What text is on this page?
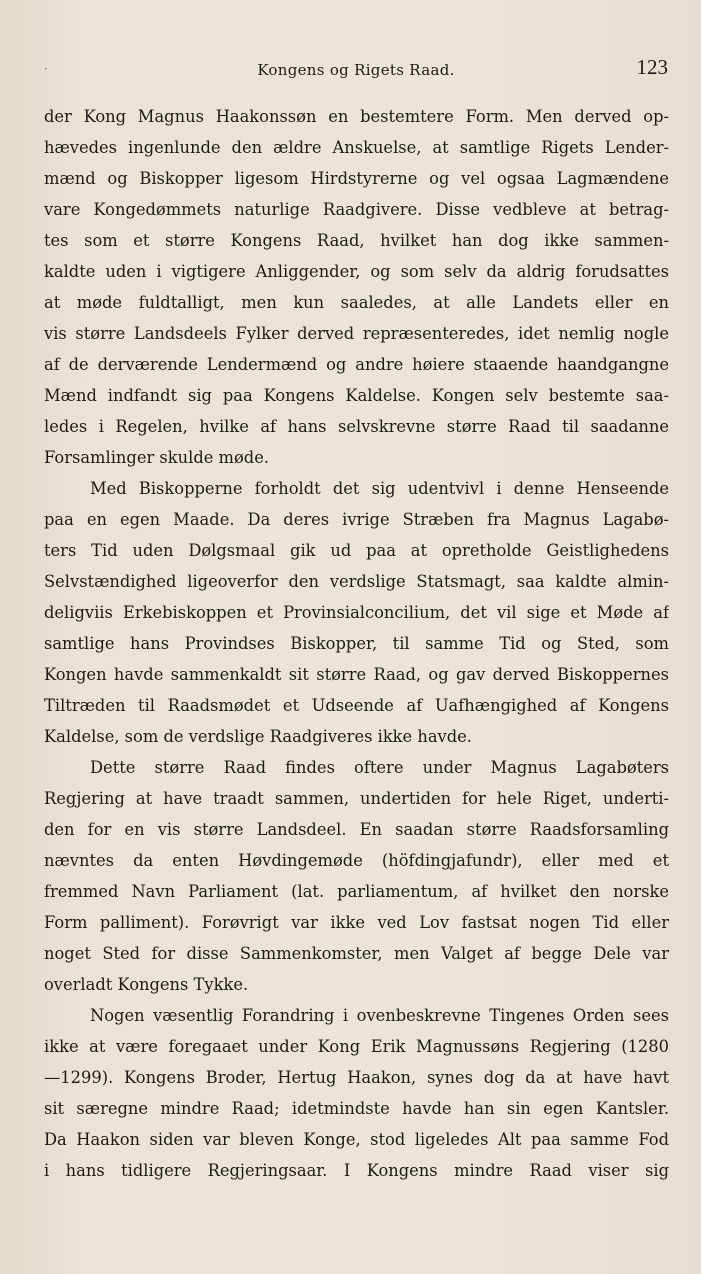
·	Kongens og Rigets Raad.	123
der Kong Magnus Haakonssøn en bestemtere Form. Men derved op-
hævedes ingenlunde den ældre Anskuelse, at samtlige Rigets Lender-
mænd og Biskopper ligesom Hirdstyrerne og vel ogsaa Lagmændene
vare Kongedømmets naturlige Raadgivere. Disse vedbleve at betrag-
tes som et større Kongens Raad, hvilket han dog ikke sammen-
kaldte uden i vigtigere Anliggender, og som selv da aldrig forudsattes
at møde fuldtalligt, men kun saaledes, at alle Landets eller en
vis større Landsdeels Fylker derved repræsenteredes, idet nemlig nogle
af de derværende Lendermænd og andre høiere staaende haandgangne
Mænd indfandt sig paa Kongens Kaldelse. Kongen selv bestemte saa-
ledes i Regelen, hvilke af hans selvskrevne større Raad til saadanne
Forsamlinger skulde møde.
Med Biskopperne forholdt det sig udentvivl i denne Henseende
paa en egen Maade. Da deres ivrige Stræben fra Magnus Lagabø-
ters Tid uden Dølgsmaal gik ud paa at opretholde Geistlighedens
Selvstændighed ligeoverfor den verdslige Statsmagt, saa kaldte almin-
deligviis Erkebiskoppen et Provinsialconcilium, det vil sige et Møde af
samtlige hans Provindses Biskopper, til samme Tid og Sted, som
Kongen havde sammenkaldt sit større Raad, og gav derved Biskoppernes
Tiltræden til Raadsmødet et Udseende af Uafhængighed af Kongens
Kaldelse, som de verdslige Raadgiveres ikke havde.
Dette større Raad findes oftere under Magnus Lagabøters
Regjering at have traadt sammen, undertiden for hele Riget, underti-
den for en vis større Landsdeel. En saadan større Raadsforsamling
nævntes da enten Høvdingemøde (höfdingjafundr), eller med et
fremmed Navn Parliament (lat. parliamentum, af hvilket den norske
Form palliment). Forøvrigt var ikke ved Lov fastsat nogen Tid eller
noget Sted for disse Sammenkomster, men Valget af begge Dele var
overladt Kongens Tykke.
Nogen væsentlig Forandring i ovenbeskrevne Tingenes Orden sees
ikke at være foregaaet under Kong Erik Magnussøns Regjering (1280
—1299). Kongens Broder, Hertug Haakon, synes dog da at have havt
sit særegne mindre Raad; idetmindste havde han sin egen Kantsler.
Da Haakon siden var bleven Konge, stod ligeledes Alt paa samme Fod
i hans tidligere Regjeringsaar. I Kongens mindre Raad viser sig
